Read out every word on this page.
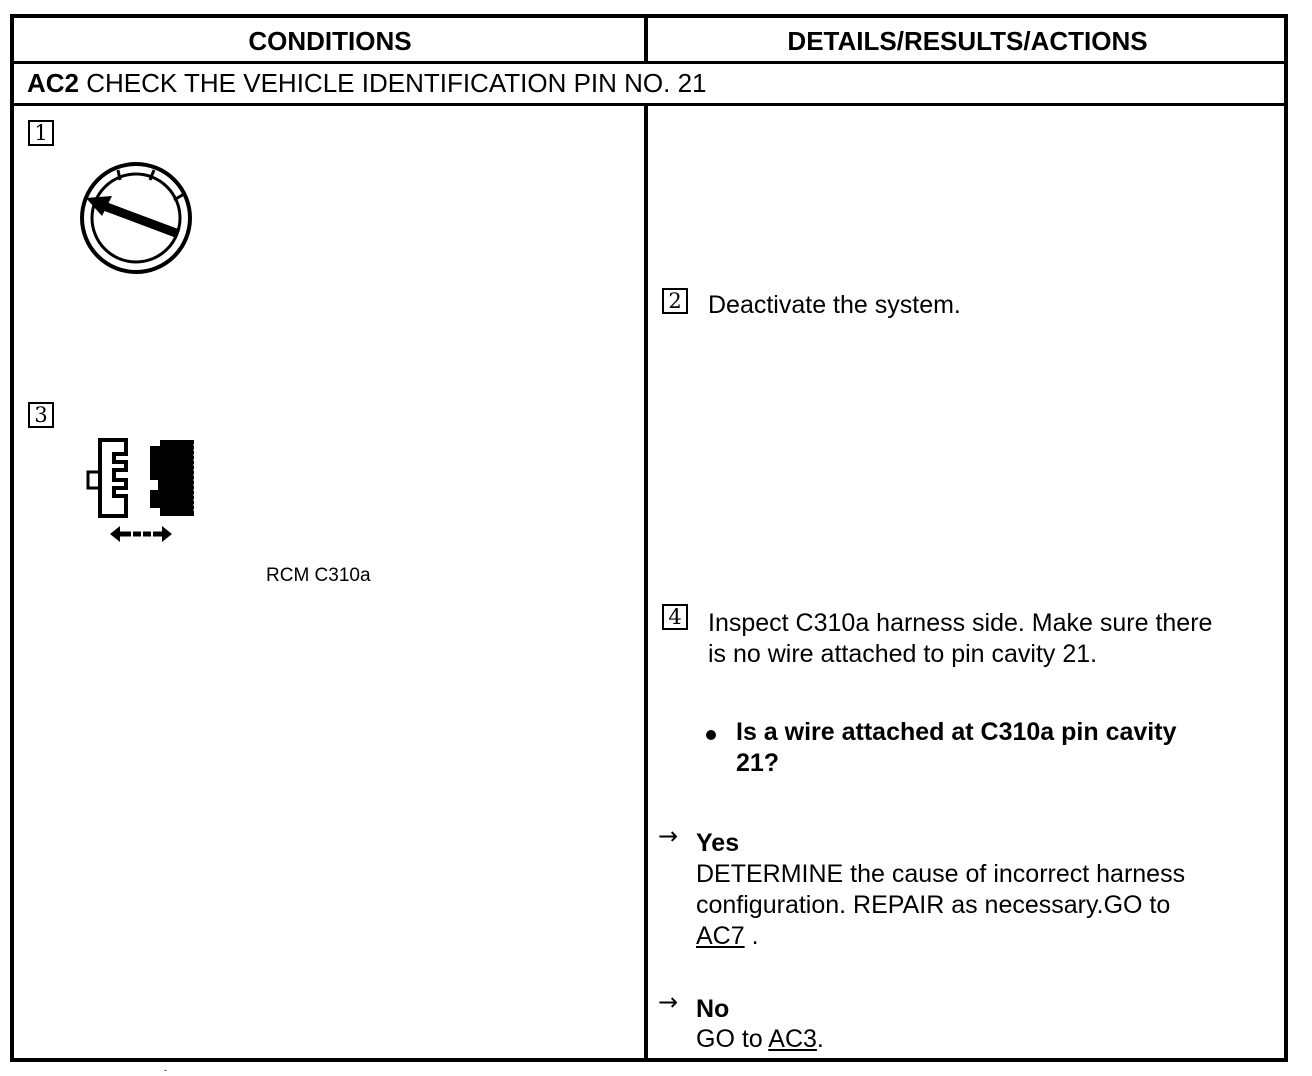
CONDITIONS	DETAILS/RESULTS/ACTIONS
AC2 CHECK THE VEHICLE IDENTIFICATION PIN NO. 21
1
3
RCM C310a
2 Deactivate the system.
4 Inspect C310a harness side. Make sure there
is no wire attached to pin cavity 21.
Is a wire attached at C310a pin cavity
21?
→ Yes
DETERMINE the cause of incorrect harness
configuration. REPAIR as necessary.GO to
AC7 .
→ No
GO to AC3.
-
